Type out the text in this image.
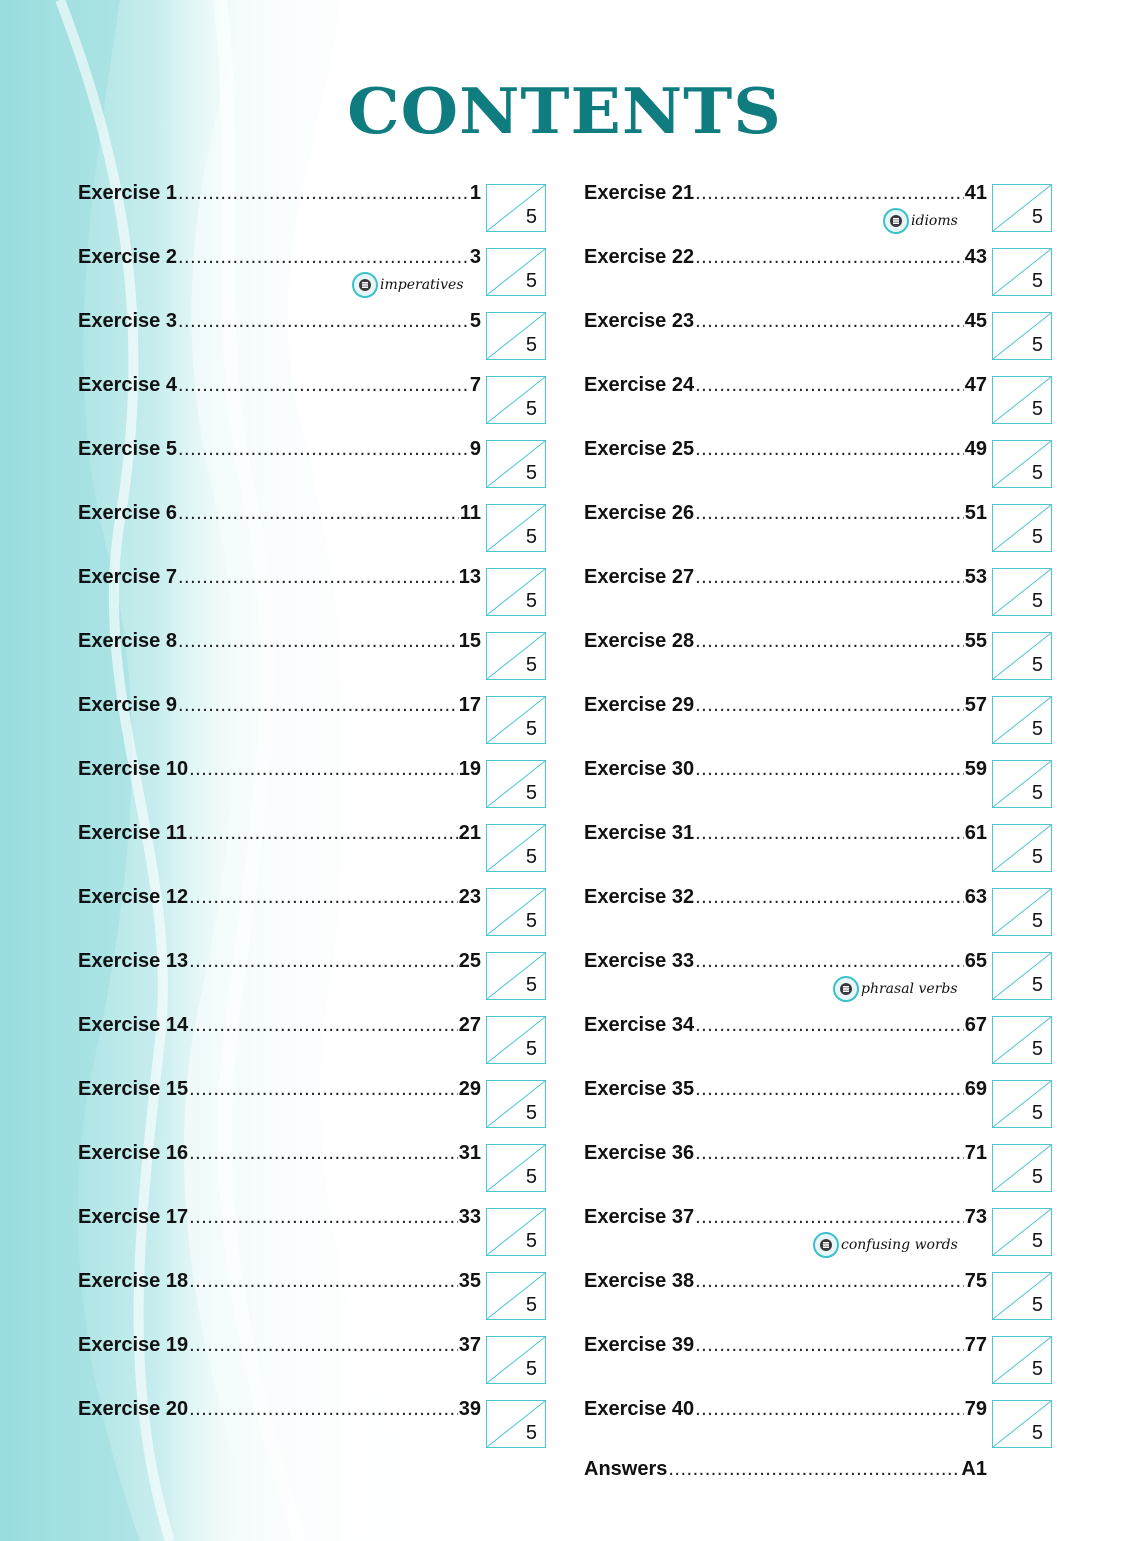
CONTENTS
Exercise 1 .....	1
5
Exercise 2 .....	3
5
imperatives
Exercise 3 .....	5
5
Exercise 4 .....	7
5
Exercise 5 .....	9
5
Exercise 6 .....	11
5
Exercise 7 .....	13
5
Exercise 8 .....	15
5
Exercise 9 .....	17
5
Exercise 10 .....	19
5
Exercise 11 .....	21
5
Exercise 12 .....	23
5
Exercise 13 .....	25
5
Exercise 14 .....	27
5
Exercise 15 .....	29
5
Exercise 16 .....	31
5
Exercise 17 .....	33
5
Exercise 18 .....	35
5
Exercise 19 .....	37
5
Exercise 20 .....	39
5
Exercise 21 .....	41
5
idioms
Exercise 22 .....	43
5
Exercise 23 .....	45
5
Exercise 24 .....	47
5
Exercise 25 .....	49
5
Exercise 26 .....	51
5
Exercise 27 .....	53
5
Exercise 28 .....	55
5
Exercise 29 .....	57
5
Exercise 30 .....	59
5
Exercise 31 .....	61
5
Exercise 32 .....	63
5
Exercise 33 .....	65
5
phrasal verbs
Exercise 34 .....	67
5
Exercise 35 .....	69
5
Exercise 36 .....	71
5
Exercise 37 .....	73
5
confusing words
Exercise 38 .....	75
5
Exercise 39 .....	77
5
Exercise 40 .....	79
5
Answers .....	A1
